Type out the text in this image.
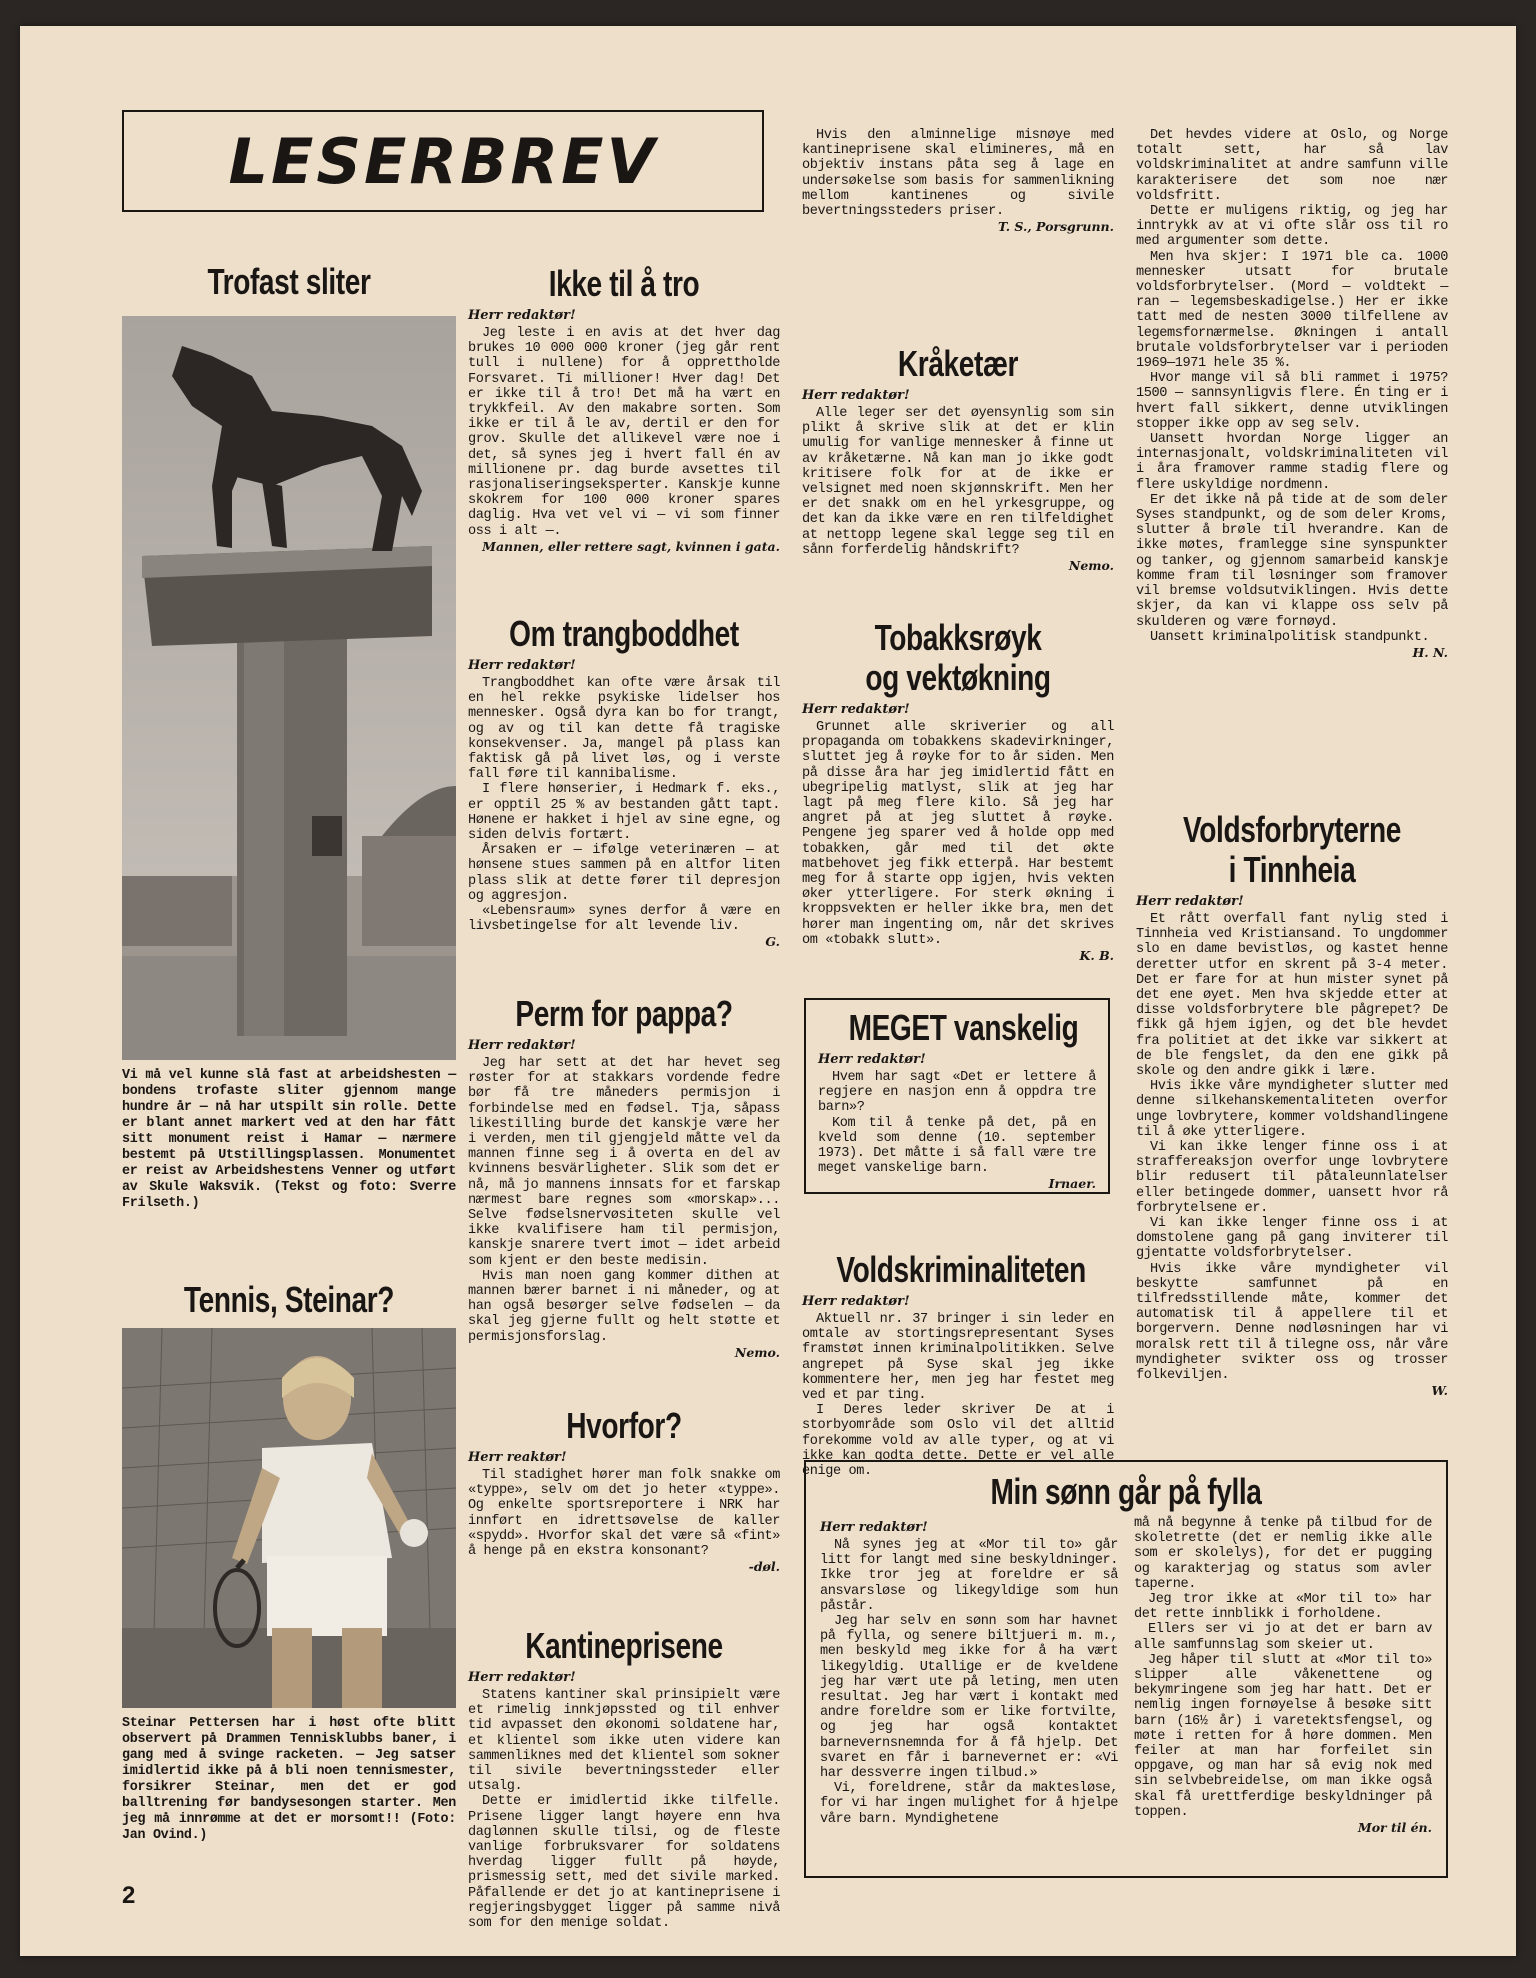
LESERBREV
Trofast sliter
Vi må vel kunne slå fast at arbeidshesten — bondens trofaste sliter gjennom mange hundre år — nå har utspilt sin rolle. Dette er blant annet markert ved at den har fått sitt monument reist i Hamar — nærmere bestemt på Utstillingsplassen. Monumentet er reist av Arbeidshestens Venner og utført av Skule Waksvik. (Tekst og foto: Sverre Frilseth.)
Tennis, Steinar?
Steinar Pettersen har i høst ofte blitt observert på Drammen Tennisklubbs baner, i gang med å svinge racketen. — Jeg satser imidlertid ikke på å bli noen tennismester, forsikrer Steinar, men det er god balltrening før bandysesongen starter. Men jeg må innrømme at det er morsomt!! (Foto: Jan Ovind.)
2
Ikke til å tro
Herr redaktør!

Jeg leste i en avis at det hver dag brukes 10 000 000 kroner (jeg går rent tull i nullene) for å opprettholde Forsvaret. Ti millioner! Hver dag! Det er ikke til å tro! Det må ha vært en trykkfeil. Av den makabre sorten. Som ikke er til å le av, dertil er den for grov. Skulle det allikevel være noe i det, så synes jeg i hvert fall én av millionene pr. dag burde avsettes til rasjonaliseringseksperter. Kanskje kunne skokrem for 100 000 kroner spares daglig. Hva vet vel vi — vi som finner oss i alt —.

Mannen, eller rettere sagt, kvinnen i gata.
Om trangboddhet
Herr redaktør!

Trangboddhet kan ofte være årsak til en hel rekke psykiske lidelser hos mennesker. Også dyra kan bo for trangt, og av og til kan dette få tragiske konsekvenser. Ja, mangel på plass kan faktisk gå på livet løs, og i verste fall føre til kannibalisme.

I flere hønserier, i Hedmark f. eks., er opptil 25 % av bestanden gått tapt. Hønene er hakket i hjel av sine egne, og siden delvis fortært.

Årsaken er — ifølge veterinæren — at hønsene stues sammen på en altfor liten plass slik at dette fører til depresjon og aggresjon.

«Lebensraum» synes derfor å være en livsbetingelse for alt levende liv.

G.
Perm for pappa?
Herr redaktør!

Jeg har sett at det har hevet seg røster for at stakkars vordende fedre bør få tre måneders permisjon i forbindelse med en fødsel. Tja, såpass likestilling burde det kanskje være her i verden, men til gjengjeld måtte vel da mannen finne seg i å overta en del av kvinnens besvärligheter. Slik som det er nå, må jo mannens innsats for et farskap nærmest bare regnes som «morskap»... Selve fødselsnervøsiteten skulle vel ikke kvalifisere ham til permisjon, kanskje snarere tvert imot — idet arbeid som kjent er den beste medisin.

Hvis man noen gang kommer dithen at mannen bærer barnet i ni måneder, og at han også besørger selve fødselen — da skal jeg gjerne fullt og helt støtte et permisjonsforslag.

Nemo.
Hvorfor?
Herr reaktør!

Til stadighet hører man folk snakke om «typpe», selv om det jo heter «typpe». Og enkelte sportsreportere i NRK har innført en idrettsøvelse de kaller «spydd». Hvorfor skal det være så «fint» å henge på en ekstra konsonant?

-døl.
Kantineprisene
Herr redaktør!

Statens kantiner skal prinsipielt være et rimelig innkjøpssted og til enhver tid avpasset den økonomi soldatene har, et klientel som ikke uten videre kan sammenliknes med det klientel som sokner til sivile bevertningssteder eller utsalg.

Dette er imidlertid ikke tilfelle. Prisene ligger langt høyere enn hva daglønnen skulle tilsi, og de fleste vanlige forbruksvarer for soldatens hverdag ligger fullt på høyde, prismessig sett, med det sivile marked. Påfallende er det jo at kantineprisene i regjeringsbygget ligger på samme nivå som for den menige soldat.

Hvis den alminnelige misnøye med kantineprisene skal elimineres, må en objektiv instans påta seg å lage en undersøkelse som basis for sammenlikning mellom kantinenes og sivile bevertningssteders priser.

T. S., Porsgrunn.
Kråketær
Herr redaktør!

Alle leger ser det øyensynlig som sin plikt å skrive slik at det er klin umulig for vanlige mennesker å finne ut av kråketærne. Nå kan man jo ikke godt kritisere folk for at de ikke er velsignet med noen skjønnskrift. Men her er det snakk om en hel yrkesgruppe, og det kan da ikke være en ren tilfeldighet at nettopp legene skal legge seg til en sånn forferdelig håndskrift?

Nemo.
Tobakksrøyk og vektøkning
Herr redaktør!

Grunnet alle skriverier og all propaganda om tobakkens skadevirkninger, sluttet jeg å røyke for to år siden. Men på disse åra har jeg imidlertid fått en ubegripelig matlyst, slik at jeg har lagt på meg flere kilo. Så jeg har angret på at jeg sluttet å røyke. Pengene jeg sparer ved å holde opp med tobakken, går med til det økte matbehovet jeg fikk etterpå. Har bestemt meg for å starte opp igjen, hvis vekten øker ytterligere. For sterk økning i kroppsvekten er heller ikke bra, men det hører man ingenting om, når det skrives om «tobakk slutt».

K. B.
MEGET vanskelig
Herr redaktør!

Hvem har sagt «Det er lettere å regjere en nasjon enn å oppdra tre barn»?

Kom til å tenke på det, på en kveld som denne (10. september 1973). Det måtte i så fall være tre meget vanskelige barn.

Irnaer.
Voldskriminaliteten
Herr redaktør!

Aktuell nr. 37 bringer i sin leder en omtale av stortingsrepresentant Syses framstøt innen kriminalpolitikken. Selve angrepet på Syse skal jeg ikke kommentere her, men jeg har festet meg ved et par ting.

I Deres leder skriver De at i storbyområde som Oslo vil det alltid forekomme vold av alle typer, og at vi ikke kan godta dette. Dette er vel alle enige om.

Det hevdes videre at Oslo, og Norge totalt sett, har så lav voldskriminalitet at andre samfunn ville karakterisere det som noe nær voldsfritt.

Dette er muligens riktig, og jeg har inntrykk av at vi ofte slår oss til ro med argumenter som dette.

Men hva skjer: I 1971 ble ca. 1000 mennesker utsatt for brutale voldsforbrytelser. (Mord — voldtekt — ran — legemsbeskadigelse.) Her er ikke tatt med de nesten 3000 tilfellene av legemsfornærmelse. Økningen i antall brutale voldsforbrytelser var i perioden 1969—1971 hele 35 %.

Hvor mange vil så bli rammet i 1975? 1500 — sannsynligvis flere. Én ting er i hvert fall sikkert, denne utviklingen stopper ikke opp av seg selv.

Uansett hvordan Norge ligger an internasjonalt, voldskriminaliteten vil i åra framover ramme stadig flere og flere uskyldige nordmenn.

Er det ikke nå på tide at de som deler Syses standpunkt, og de som deler Kroms, slutter å brøle til hverandre. Kan de ikke møtes, framlegge sine synspunkter og tanker, og gjennom samarbeid kanskje komme fram til løsninger som framover vil bremse voldsutviklingen. Hvis dette skjer, da kan vi klappe oss selv på skulderen og være fornøyd.

Uansett kriminalpolitisk standpunkt.

H. N.
Voldsforbryterne i Tinnheia
Herr redaktør!

Et rått overfall fant nylig sted i Tinnheia ved Kristiansand. To ungdommer slo en dame bevistløs, og kastet henne deretter utfor en skrent på 3-4 meter. Det er fare for at hun mister synet på det ene øyet. Men hva skjedde etter at disse voldsforbrytere ble pågrepet? De fikk gå hjem igjen, og det ble hevdet fra politiet at det ikke var sikkert at de ble fengslet, da den ene gikk på skole og den andre gikk i lære.

Hvis ikke våre myndigheter slutter med denne silkehanskementaliteten overfor unge lovbrytere, kommer voldshandlingene til å øke ytterligere.

Vi kan ikke lenger finne oss i at straffereaksjon overfor unge lovbrytere blir redusert til påtaleunnlatelser eller betingede dommer, uansett hvor rå forbrytelsene er.

Vi kan ikke lenger finne oss i at domstolene gang på gang inviterer til gjentatte voldsforbrytelser.

Hvis ikke våre myndigheter vil beskytte samfunnet på en tilfredsstillende måte, kommer det automatisk til å appellere til et borgervern. Denne nødløsningen har vi moralsk rett til å tilegne oss, når våre myndigheter svikter oss og trosser folkeviljen.

W.
Min sønn går på fylla
Herr redaktør!

Nå synes jeg at «Mor til to» går litt for langt med sine beskyldninger. Ikke tror jeg at foreldre er så ansvarsløse og likegyldige som hun påstår.

Jeg har selv en sønn som har havnet på fylla, og senere biltjueri m. m., men beskyld meg ikke for å ha vært likegyldig. Utallige er de kveldene jeg har vært ute på leting, men uten resultat. Jeg har vært i kontakt med andre foreldre som er like fortvilte, og jeg har også kontaktet barnevernsnemnda for å få hjelp. Det svaret en får i barnevernet er: «Vi har dessverre ingen tilbud.»

Vi, foreldrene, står da maktesløse, for vi har ingen mulighet for å hjelpe våre barn. Myndighetene

må nå begynne å tenke på tilbud for de skoletrette (det er nemlig ikke alle som er skolelys), for det er pugging og karakterjag og status som avler taperne.

Jeg tror ikke at «Mor til to» har det rette innblikk i forholdene.

Ellers ser vi jo at det er barn av alle samfunnslag som skeier ut.

Jeg håper til slutt at «Mor til to» slipper alle våkenettene og bekymringene som jeg har hatt. Det er nemlig ingen fornøyelse å besøke sitt barn (16½ år) i varetektsfengsel, og møte i retten for å høre dommen. Men feiler at man har forfeilet sin oppgave, og man har så evig nok med sin selvbebreidelse, om man ikke også skal få urettferdige beskyldninger på toppen.

Mor til én.
